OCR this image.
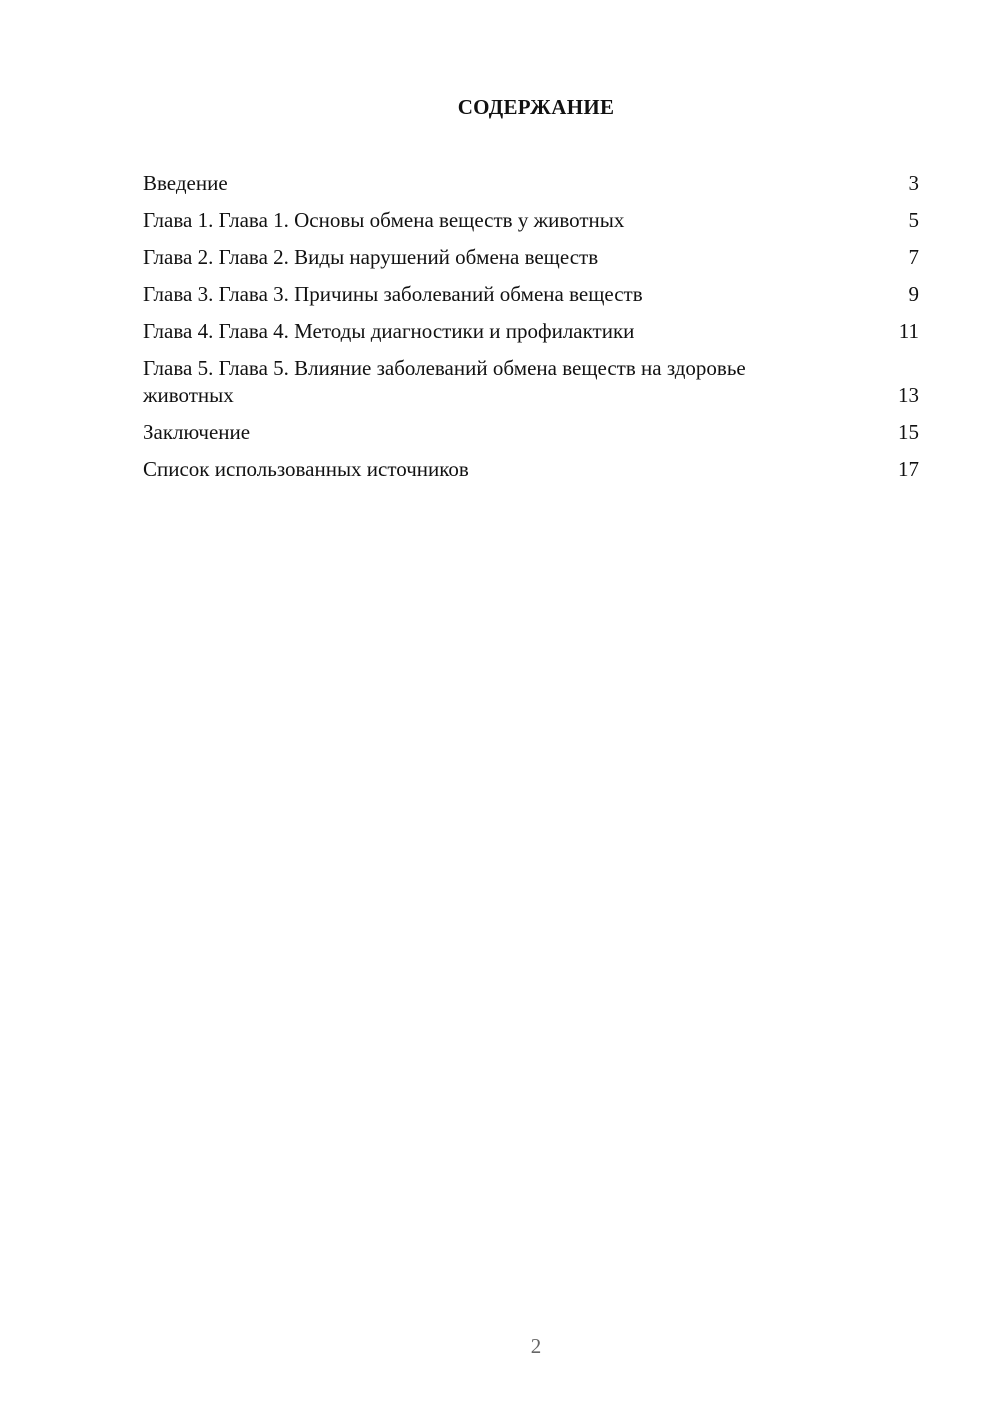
СОДЕРЖАНИЕ
Введение	3
Глава 1. Глава 1. Основы обмена веществ у животных	5
Глава 2. Глава 2. Виды нарушений обмена веществ	7
Глава 3. Глава 3. Причины заболеваний обмена веществ	9
Глава 4. Глава 4. Методы диагностики и профилактики	11
Глава 5. Глава 5. Влияние заболеваний обмена веществ на здоровье животных	13
Заключение	15
Список использованных источников	17
2
